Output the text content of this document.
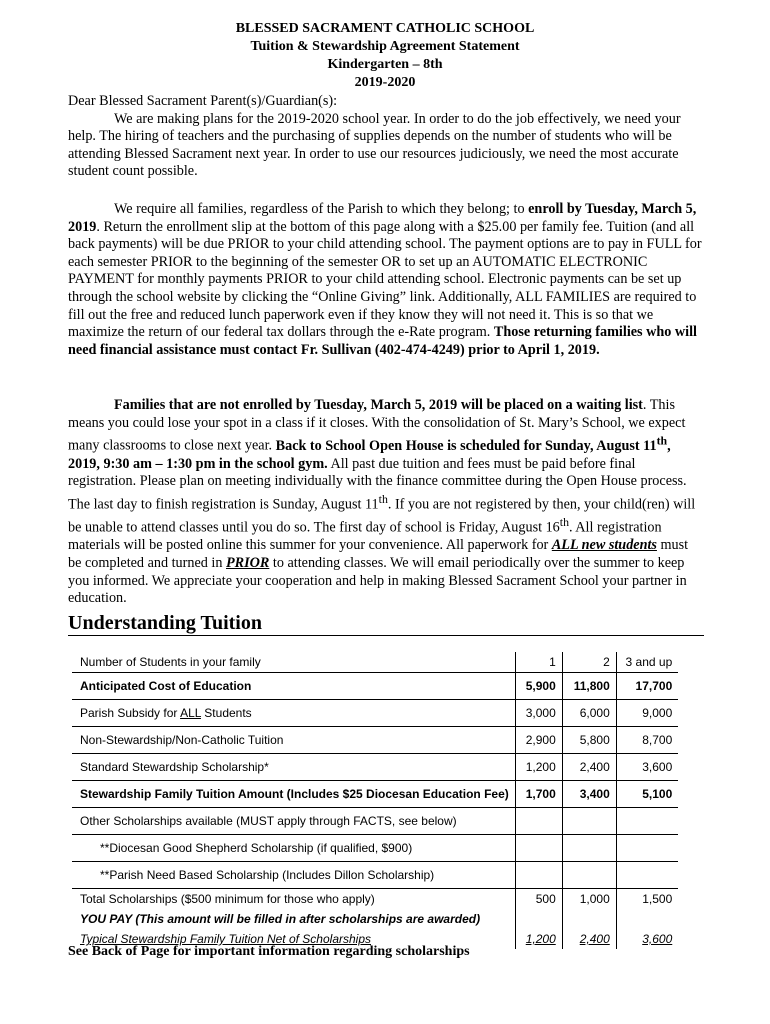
BLESSED SACRAMENT CATHOLIC SCHOOL
Tuition & Stewardship Agreement Statement
Kindergarten – 8th
2019-2020

Dear Blessed Sacrament Parent(s)/Guardian(s):

We are making plans for the 2019-2020 school year. In order to do the job effectively, we need your help. The hiring of teachers and the purchasing of supplies depends on the number of students who will be attending Blessed Sacrament next year. In order to use our resources judiciously, we need the most accurate student count possible.

We require all families, regardless of the Parish to which they belong; to enroll by Tuesday, March 5, 2019. Return the enrollment slip at the bottom of this page along with a $25.00 per family fee. Tuition (and all back payments) will be due PRIOR to your child attending school. The payment options are to pay in FULL for each semester PRIOR to the beginning of the semester OR to set up an AUTOMATIC ELECTRONIC PAYMENT for monthly payments PRIOR to your child attending school. Electronic payments can be set up through the school website by clicking the “Online Giving” link. Additionally, ALL FAMILIES are required to fill out the free and reduced lunch paperwork even if they know they will not need it. This is so that we maximize the return of our federal tax dollars through the e-Rate program. Those returning families who will need financial assistance must contact Fr. Sullivan (402-474-4249) prior to April 1, 2019.

Families that are not enrolled by Tuesday, March 5, 2019 will be placed on a waiting list. This means you could lose your spot in a class if it closes. With the consolidation of St. Mary’s School, we expect many classrooms to close next year. Back to School Open House is scheduled for Sunday, August 11th, 2019, 9:30 am – 1:30 pm in the school gym. All past due tuition and fees must be paid before final registration. Please plan on meeting individually with the finance committee during the Open House process. The last day to finish registration is Sunday, August 11th. If you are not registered by then, your child(ren) will be unable to attend classes until you do so. The first day of school is Friday, August 16th. All registration materials will be posted online this summer for your convenience. All paperwork for ALL new students must be completed and turned in PRIOR to attending classes. We will email periodically over the summer to keep you informed. We appreciate your cooperation and help in making Blessed Sacrament School your partner in education.

Understanding Tuition
Number of Students in your family	1	2	3 and up
Anticipated Cost of Education	5,900	11,800	17,700
Parish Subsidy for ALL Students	3,000	6,000	9,000
Non-Stewardship/Non-Catholic Tuition	2,900	5,800	8,700
Standard Stewardship Scholarship*	1,200	2,400	3,600
Stewardship Family Tuition Amount (Includes $25 Diocesan Education Fee)	1,700	3,400	5,100
Other Scholarships available (MUST apply through FACTS, see below)			
**Diocesan Good Shepherd Scholarship (if qualified, $900)			
**Parish Need Based Scholarship (Includes Dillon Scholarship)			
Total Scholarships ($500 minimum for those who apply)	500	1,000	1,500
YOU PAY (This amount will be filled in after scholarships are awarded)			
Typical Stewardship Family Tuition Net of Scholarships	1,200	2,400	3,600
See Back of Page for important information regarding scholarships
